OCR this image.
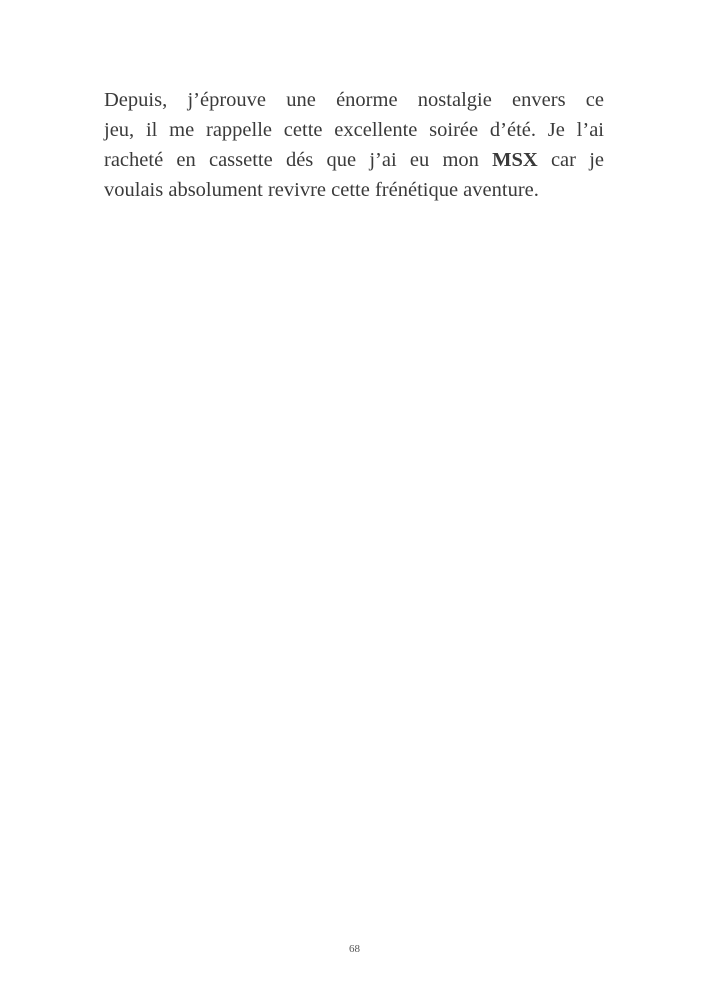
Depuis, j’éprouve une énorme nostalgie envers ce
jeu, il me rappelle cette excellente soirée d’été. Je l’ai
racheté en cassette dés que j’ai eu mon MSX car je
voulais absolument revivre cette frénétique aventure.

68
